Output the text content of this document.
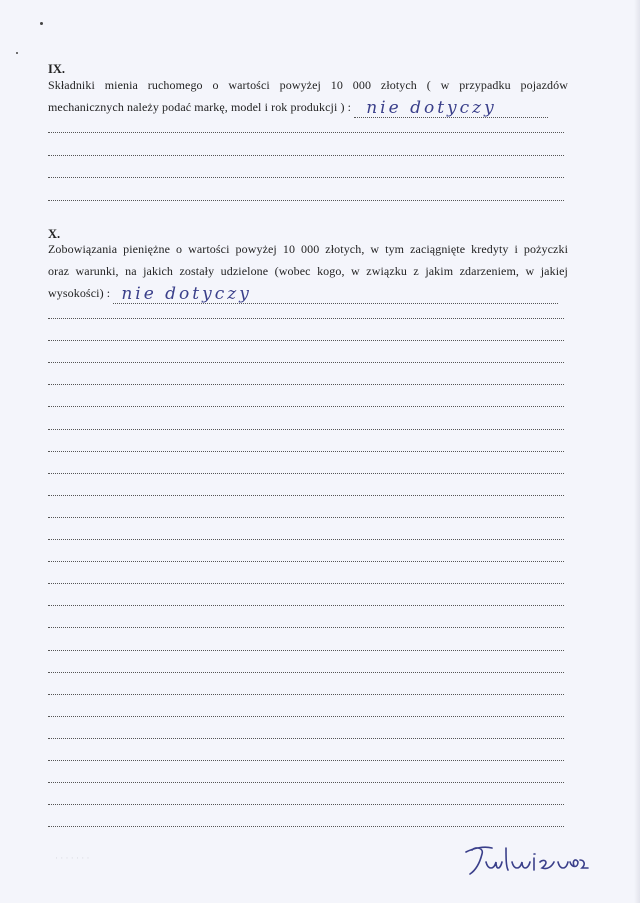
IX.
Składniki mienia ruchomego o wartości powyżej 10 000 złotych ( w przypadku pojazdów
mechanicznych należy podać markę, model i rok produkcji ) : nie dotyczy
X.
Zobowiązania pieniężne o wartości powyżej 10 000 złotych, w tym zaciągnięte kredyty i pożyczki
oraz warunki, na jakich zostały udzielone (wobec kogo, w związku z jakim zdarzeniem, w jakiej
wysokości) : nie dotyczy
· · · · · · ·
